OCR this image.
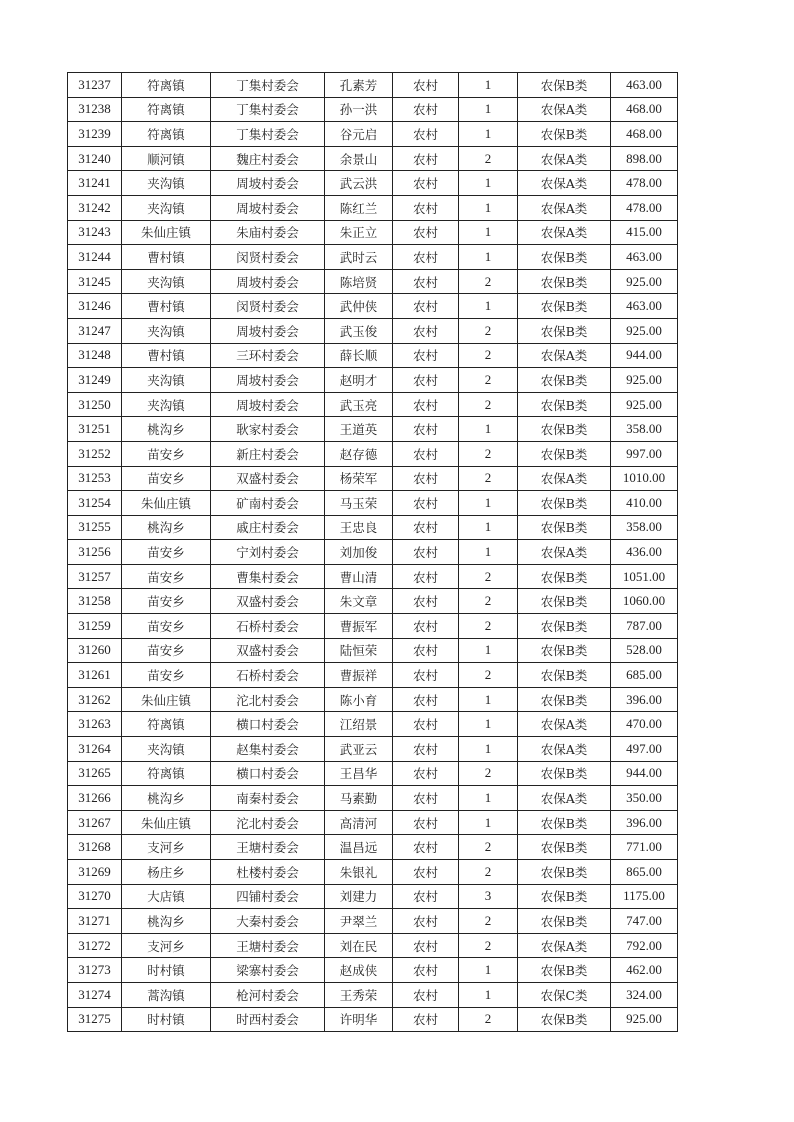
31237	符离镇	丁集村委会	孔素芳	农村	1	农保B类	463.00
31238	符离镇	丁集村委会	孙一洪	农村	1	农保A类	468.00
31239	符离镇	丁集村委会	谷元启	农村	1	农保B类	468.00
31240	顺河镇	魏庄村委会	余景山	农村	2	农保A类	898.00
31241	夹沟镇	周坡村委会	武云洪	农村	1	农保A类	478.00
31242	夹沟镇	周坡村委会	陈红兰	农村	1	农保A类	478.00
31243	朱仙庄镇	朱庙村委会	朱正立	农村	1	农保A类	415.00
31244	曹村镇	闵贤村委会	武时云	农村	1	农保B类	463.00
31245	夹沟镇	周坡村委会	陈培贤	农村	2	农保B类	925.00
31246	曹村镇	闵贤村委会	武仲侠	农村	1	农保B类	463.00
31247	夹沟镇	周坡村委会	武玉俊	农村	2	农保B类	925.00
31248	曹村镇	三环村委会	薛长顺	农村	2	农保A类	944.00
31249	夹沟镇	周坡村委会	赵明才	农村	2	农保B类	925.00
31250	夹沟镇	周坡村委会	武玉亮	农村	2	农保B类	925.00
31251	桃沟乡	耿家村委会	王道英	农村	1	农保B类	358.00
31252	苗安乡	新庄村委会	赵存德	农村	2	农保B类	997.00
31253	苗安乡	双盛村委会	杨荣军	农村	2	农保A类	1010.00
31254	朱仙庄镇	矿南村委会	马玉荣	农村	1	农保B类	410.00
31255	桃沟乡	戚庄村委会	王忠良	农村	1	农保B类	358.00
31256	苗安乡	宁刘村委会	刘加俊	农村	1	农保A类	436.00
31257	苗安乡	曹集村委会	曹山清	农村	2	农保B类	1051.00
31258	苗安乡	双盛村委会	朱文章	农村	2	农保B类	1060.00
31259	苗安乡	石桥村委会	曹振军	农村	2	农保B类	787.00
31260	苗安乡	双盛村委会	陆恒荣	农村	1	农保B类	528.00
31261	苗安乡	石桥村委会	曹振祥	农村	2	农保B类	685.00
31262	朱仙庄镇	沱北村委会	陈小育	农村	1	农保B类	396.00
31263	符离镇	横口村委会	江绍景	农村	1	农保A类	470.00
31264	夹沟镇	赵集村委会	武亚云	农村	1	农保A类	497.00
31265	符离镇	横口村委会	王昌华	农村	2	农保B类	944.00
31266	桃沟乡	南秦村委会	马素勤	农村	1	农保A类	350.00
31267	朱仙庄镇	沱北村委会	高清河	农村	1	农保B类	396.00
31268	支河乡	王塘村委会	温昌远	农村	2	农保B类	771.00
31269	杨庄乡	杜楼村委会	朱银礼	农村	2	农保B类	865.00
31270	大店镇	四铺村委会	刘建力	农村	3	农保B类	1175.00
31271	桃沟乡	大秦村委会	尹翠兰	农村	2	农保B类	747.00
31272	支河乡	王塘村委会	刘在民	农村	2	农保A类	792.00
31273	时村镇	梁寨村委会	赵成侠	农村	1	农保B类	462.00
31274	蒿沟镇	枪河村委会	王秀荣	农村	1	农保C类	324.00
31275	时村镇	时西村委会	许明华	农村	2	农保B类	925.00
